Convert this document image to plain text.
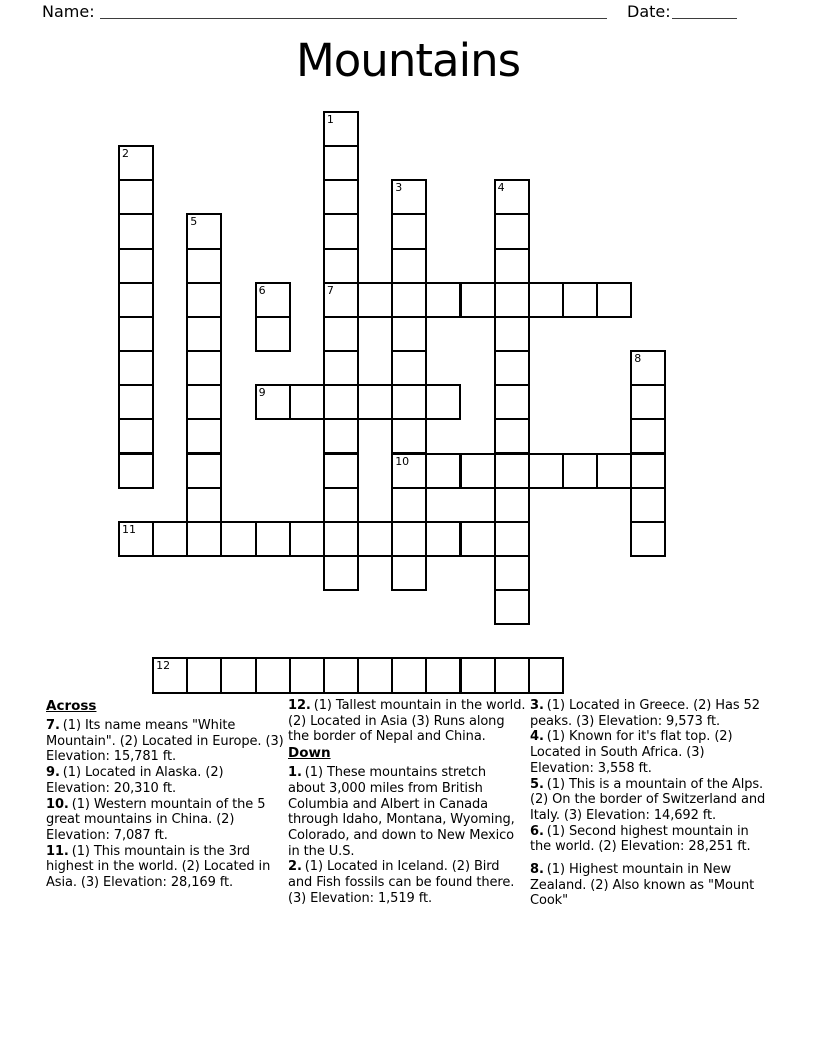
Name:	Date:
Mountains
1
2
3	4
5
6	7
8
9
10
11
12
Across

7. (1) Its name means "White Mountain". (2) Located in Europe. (3) Elevation: 15,781 ft.

9. (1) Located in Alaska. (2) Elevation: 20,310 ft.

10. (1) Western mountain of the 5 great mountains in China. (2) Elevation: 7,087 ft.

11. (1) This mountain is the 3rd highest in the world. (2) Located in Asia. (3) Elevation: 28,169 ft.

12. (1) Tallest mountain in the world. (2) Located in Asia (3) Runs along the border of Nepal and China.

Down

1. (1) These mountains stretch about 3,000 miles from British Columbia and Albert in Canada through Idaho, Montana, Wyoming, Colorado, and down to New Mexico in the U.S.

2. (1) Located in Iceland. (2) Bird and Fish fossils can be found there. (3) Elevation: 1,519 ft.

3. (1) Located in Greece. (2) Has 52 peaks. (3) Elevation: 9,573 ft.

4. (1) Known for it's flat top. (2) Located in South Africa. (3) Elevation: 3,558 ft.

5. (1) This is a mountain of the Alps. (2) On the border of Switzerland and Italy. (3) Elevation: 14,692 ft.

6. (1) Second highest mountain in the world. (2) Elevation: 28,251 ft.

8. (1) Highest mountain in New Zealand. (2) Also known as "Mount Cook"
